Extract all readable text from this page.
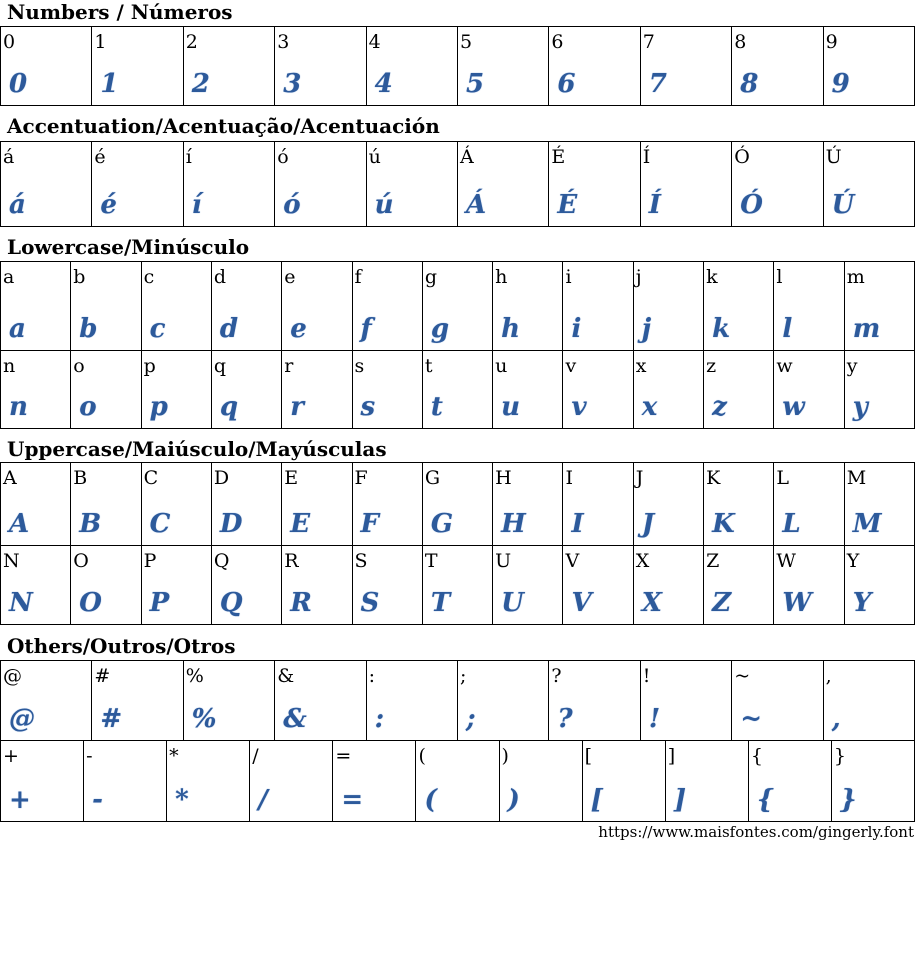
Numbers / Números
0
0
1
1
2
2
3
3
4
4
5
5
6
6
7
7
8
8
9
9
Accentuation/Acentuação/Acentuación
á
á
é
é
í
í
ó
ó
ú
ú
Á
Á
É
É
Í
Í
Ó
Ó
Ú
Ú
Lowercase/Minúsculo
a
a
b
b
c
c
d
d
e
e
f
f
g
g
h
h
i
i
j
j
k
k
l
l
m
m
n
n
o
o
p
p
q
q
r
r
s
s
t
t
u
u
v
v
x
x
z
z
w
w
y
y
Uppercase/Maiúsculo/Mayúsculas
A
A
B
B
C
C
D
D
E
E
F
F
G
G
H
H
I
I
J
J
K
K
L
L
M
M
N
N
O
O
P
P
Q
Q
R
R
S
S
T
T
U
U
V
V
X
X
Z
Z
W
W
Y
Y
Others/Outros/Otros
@
@
#
#
%
%
&
&
:
:
;
;
?
?
!
!
~
~
,
,
+
+
-
-
*
*
/
/
=
=
(
(
)
)
[
[
]
]
{
{
}
}
https://www.maisfontes.com/gingerly.font
